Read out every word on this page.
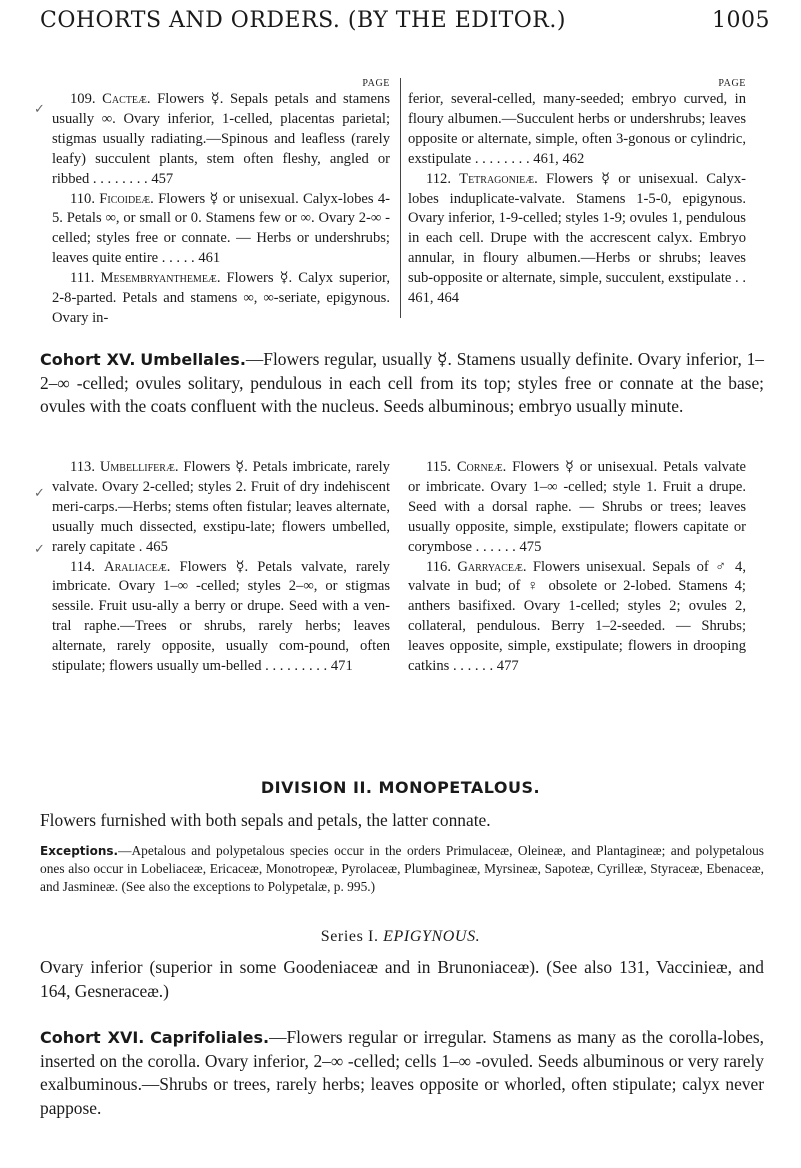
COHORTS AND ORDERS. (BY THE EDITOR.)	1005
PAGE

109. Cacteæ. Flowers ☿. Sepals petals and stamens usually ∞. Ovary inferior, 1-celled, placentas parietal; stigmas usually radiating.—Spinous and leafless (rarely leafy) succulent plants, stem often fleshy, angled or ribbed . . . . . . . . 457

110. Ficoideæ. Flowers ☿ or unisexual. Calyx-lobes 4-5. Petals ∞, or small or 0. Stamens few or ∞. Ovary 2-∞ -celled; styles free or connate. — Herbs or undershrubs; leaves quite entire . . . . . 461

111. Mesembryanthemeæ. Flowers ☿. Calyx superior, 2-8-parted. Petals and stamens ∞, ∞-seriate, epigynous. Ovary in-

PAGE

ferior, several-celled, many-seeded; embryo curved, in floury albumen.—Succulent herbs or undershrubs; leaves opposite or alternate, simple, often 3-gonous or cylindric, exstipulate . . . . . . . . 461, 462

112. Tetragonieæ. Flowers ☿ or unisexual. Calyx-lobes induplicate-valvate. Stamens 1-5-0, epigynous. Ovary inferior, 1-9-celled; styles 1-9; ovules 1, pendulous in each cell. Drupe with the accrescent calyx. Embryo annular, in floury albumen.—Herbs or shrubs; leaves sub-opposite or alternate, simple, succulent, exstipulate . . 461, 464

Cohort XV. Umbellales.—Flowers regular, usually ☿. Stamens usually definite. Ovary inferior, 1–2–∞ -celled; ovules solitary, pendulous in each cell from its top; styles free or connate at the base; ovules with the coats confluent with the nucleus. Seeds albuminous; embryo usually minute.

113. Umbelliferæ. Flowers ☿. Petals imbricate, rarely valvate. Ovary 2-celled; styles 2. Fruit of dry indehiscent meri-carps.—Herbs; stems often fistular; leaves alternate, usually much dissected, exstipu-late; flowers umbelled, rarely capitate . 465

114. Araliaceæ. Flowers ☿. Petals valvate, rarely imbricate. Ovary 1–∞ -celled; styles 2–∞, or stigmas sessile. Fruit usu-ally a berry or drupe. Seed with a ven-tral raphe.—Trees or shrubs, rarely herbs; leaves alternate, rarely opposite, usually com-pound, often stipulate; flowers usually um-belled . . . . . . . . . 471

115. Corneæ. Flowers ☿ or unisexual. Petals valvate or imbricate. Ovary 1–∞ -celled; style 1. Fruit a drupe. Seed with a dorsal raphe. — Shrubs or trees; leaves usually opposite, simple, exstipulate; flowers capitate or corymbose . . . . . . 475

116. Garryaceæ. Flowers unisexual. Sepals of ♂ 4, valvate in bud; of ♀ obsolete or 2-lobed. Stamens 4; anthers basifixed. Ovary 1-celled; styles 2; ovules 2, collateral, pendulous. Berry 1–2-seeded. — Shrubs; leaves opposite, simple, exstipulate; flowers in drooping catkins . . . . . . 477

✓
✓
✓
DIVISION II. MONOPETALOUS.
Flowers furnished with both sepals and petals, the latter connate.

Exceptions.—Apetalous and polypetalous species occur in the orders Primulaceæ, Oleineæ, and Plantagineæ; and polypetalous ones also occur in Lobeliaceæ, Ericaceæ, Monotropeæ, Pyrolaceæ, Plumbagineæ, Myrsineæ, Sapoteæ, Cyrilleæ, Styraceæ, Ebenaceæ, and Jasmineæ. (See also the exceptions to Polypetalæ, p. 995.)

Series I. EPIGYNOUS.

Ovary inferior (superior in some Goodeniaceæ and in Brunoniaceæ). (See also 131, Vaccinieæ, and 164, Gesneraceæ.)

Cohort XVI. Caprifoliales.—Flowers regular or irregular. Stamens as many as the corolla-lobes, inserted on the corolla. Ovary inferior, 2–∞ -celled; cells 1–∞ -ovuled. Seeds albuminous or very rarely exalbuminous.—Shrubs or trees, rarely herbs; leaves opposite or whorled, often stipulate; calyx never pappose.
